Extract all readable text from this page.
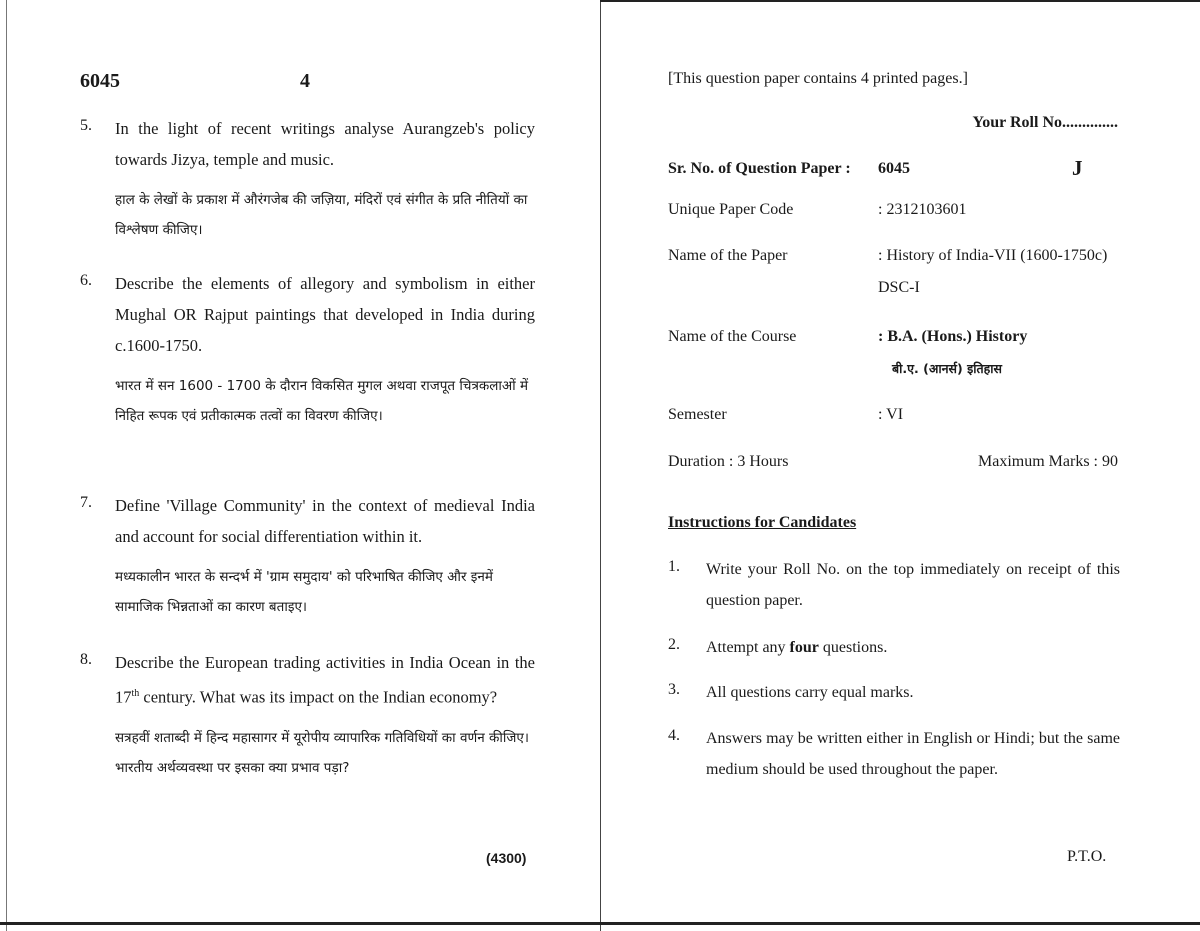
6045	4
5. In the light of recent writings analyse Aurangzeb's policy towards Jizya, temple and music.
हाल के लेखों के प्रकाश में औरंगजेब की जज़िया, मंदिरों एवं संगीत के प्रति नीतियों का विश्लेषण कीजिए।
6. Describe the elements of allegory and symbolism in either Mughal OR Rajput paintings that developed in India during c.1600-1750.
भारत में सन 1600 - 1700 के दौरान विकसित मुगल अथवा राजपूत चित्रकलाओं में निहित रूपक एवं प्रतीकात्मक तत्वों का विवरण कीजिए।
7. Define 'Village Community' in the context of medieval India and account for social differentiation within it.
मध्यकालीन भारत के सन्दर्भ में 'ग्राम समुदाय' को परिभाषित कीजिए और इनमें सामाजिक भिन्नताओं का कारण बताइए।
8. Describe the European trading activities in India Ocean in the 17th century. What was its impact on the Indian economy?
सत्रहवीं शताब्दी में हिन्द महासागर में यूरोपीय व्यापारिक गतिविधियों का वर्णन कीजिए। भारतीय अर्थव्यवस्था पर इसका क्या प्रभाव पड़ा?
(4300)
[This question paper contains 4 printed pages.]
Your Roll No..............
Sr. No. of Question Paper : 6045	J
Unique Paper Code	: 2312103601
Name of the Paper	: History of India-VII (1600-1750c) DSC-I
Name of the Course	: B.A. (Hons.) History
बी.ए. (आनर्स) इतिहास
Semester	: VI
Duration : 3 Hours	Maximum Marks : 90
Instructions for Candidates
1. Write your Roll No. on the top immediately on receipt of this question paper.
2. Attempt any four questions.
3. All questions carry equal marks.
4. Answers may be written either in English or Hindi; but the same medium should be used throughout the paper.
P.T.O.
